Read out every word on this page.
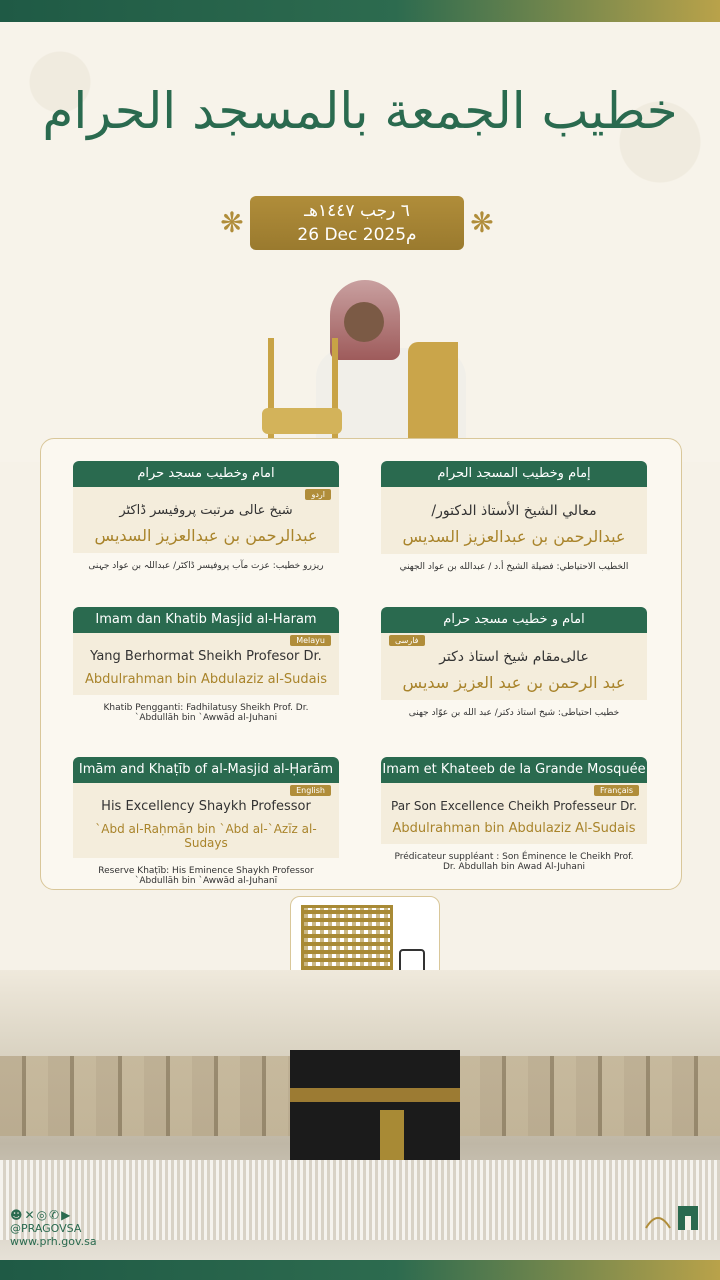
خطيب الجمعة بالمسجد الحرام
❋	٦ رجب ١٤٤٧هـ
26 Dec 2025م	❋
امام وخطیب مسجد حرام
اردو
شیخ عالی مرتبت پروفیسر ڈاکٹر
عبدالرحمن بن عبدالعزیز السدیس
ریزرو خطیب: عزت مآب پروفیسر ڈاکٹر/ عبداللہ بن عواد جہنی
إمام وخطيب المسجد الحرام
معالي الشيخ الأستاذ الدكتور/
عبدالرحمن بن عبدالعزيز السديس
الخطيب الاحتياطي: فضيلة الشيخ أ.د / عبدالله بن عواد الجهني
Imam dan Khatib Masjid al-Haram
Melayu
Yang Berhormat Sheikh Profesor Dr.
Abdulrahman bin Abdulaziz al-Sudais
Khatib Pengganti: Fadhilatusy Sheikh Prof. Dr. `Abdullāh bin `Awwād al-Juhani
امام و خطيب مسجد حرام
فارسی
عالی‌مقام شیخ استاذ دکتر
عبد الرحمن بن عبد العزيز سديس
خطیب احتیاطی: شیخ استاذ دکتر/ عبد الله بن عوّاد جهنی
Imām and Khaṭīb of al-Masjid al-Ḥarām
English
His Excellency Shaykh Professor
`Abd al-Raḥmān bin `Abd al-`Azīz al-Sudays
Reserve Khaṭīb: His Eminence Shaykh Professor `Abdullāh bin `Awwād al-Juhanī
Imam et Khateeb de la Grande Mosquée
Français
Par Son Excellence Cheikh Professeur Dr.
Abdulrahman bin Abdulaziz Al-Sudais
Prédicateur suppléant : Son Éminence le Cheikh Prof. Dr. Abdullah bin Awad Al-Juhani
☻✕◎✆▶
@PRAGOVSA
www.prh.gov.sa
